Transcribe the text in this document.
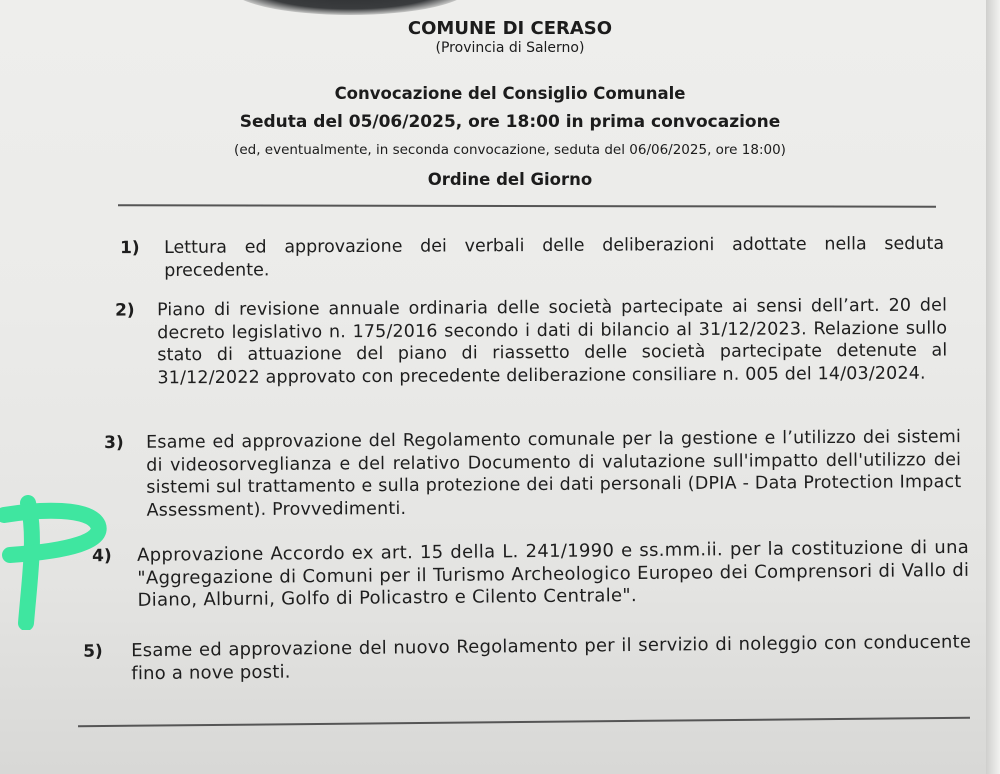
COMUNE DI CERASO
(Provincia di Salerno)
Convocazione del Consiglio Comunale
Seduta del 05/06/2025, ore 18:00 in prima convocazione
(ed, eventualmente, in seconda convocazione, seduta del 06/06/2025, ore 18:00)
Ordine del Giorno
1) Lettura ed approvazione dei verbali delle deliberazioni adottate nella seduta precedente.
2) Piano di revisione annuale ordinaria delle società partecipate ai sensi dell’art. 20 del decreto legislativo n. 175/2016 secondo i dati di bilancio al 31/12/2023. Relazione sullo stato di attuazione del piano di riassetto delle società partecipate detenute al 31/12/2022 approvato con precedente deliberazione consiliare n. 005 del 14/03/2024.
3) Esame ed approvazione del Regolamento comunale per la gestione e l’utilizzo dei sistemi di videosorveglianza e del relativo Documento di valutazione sull'impatto dell'utilizzo dei sistemi sul trattamento e sulla protezione dei dati personali (DPIA - Data Protection Impact Assessment). Provvedimenti.
4) Approvazione Accordo ex art. 15 della L. 241/1990 e ss.mm.ii. per la costituzione di una "Aggregazione di Comuni per il Turismo Archeologico Europeo dei Comprensori di Vallo di Diano, Alburni, Golfo di Policastro e Cilento Centrale".
5) Esame ed approvazione del nuovo Regolamento per il servizio di noleggio con conducente fino a nove posti.
